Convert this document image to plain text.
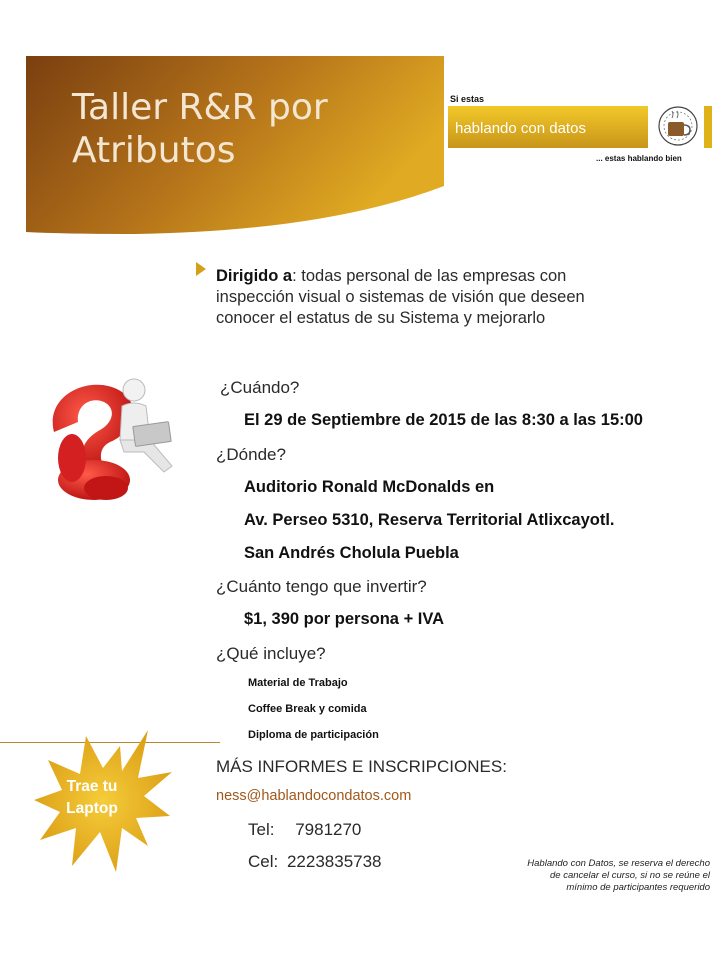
Taller R&R por
Atributos
Si estas
hablando con datos
... estas hablando bien
Dirigido a: todas personal de las empresas con
inspección visual o sistemas de visión que deseen
conocer el estatus de su Sistema y mejorarlo
¿Cuándo?
El 29 de Septiembre de 2015 de las 8:30 a las 15:00
¿Dónde?
Auditorio Ronald McDonalds en
Av. Perseo 5310, Reserva Territorial Atlixcayotl.
San Andrés Cholula Puebla
¿Cuánto tengo que invertir?
$1, 390 por persona + IVA
¿Qué incluye?
Material de Trabajo
Coffee Break y comida
Diploma de participación
Trae tu
Laptop
MÁS INFORMES E INSCRIPCIONES:
ness@hablandocondatos.com
Tel: 7981270
Cel: 2223835738	Hablando con Datos, se reserva el derecho
de cancelar el curso, si no se reúne el
mínimo de participantes requerido
